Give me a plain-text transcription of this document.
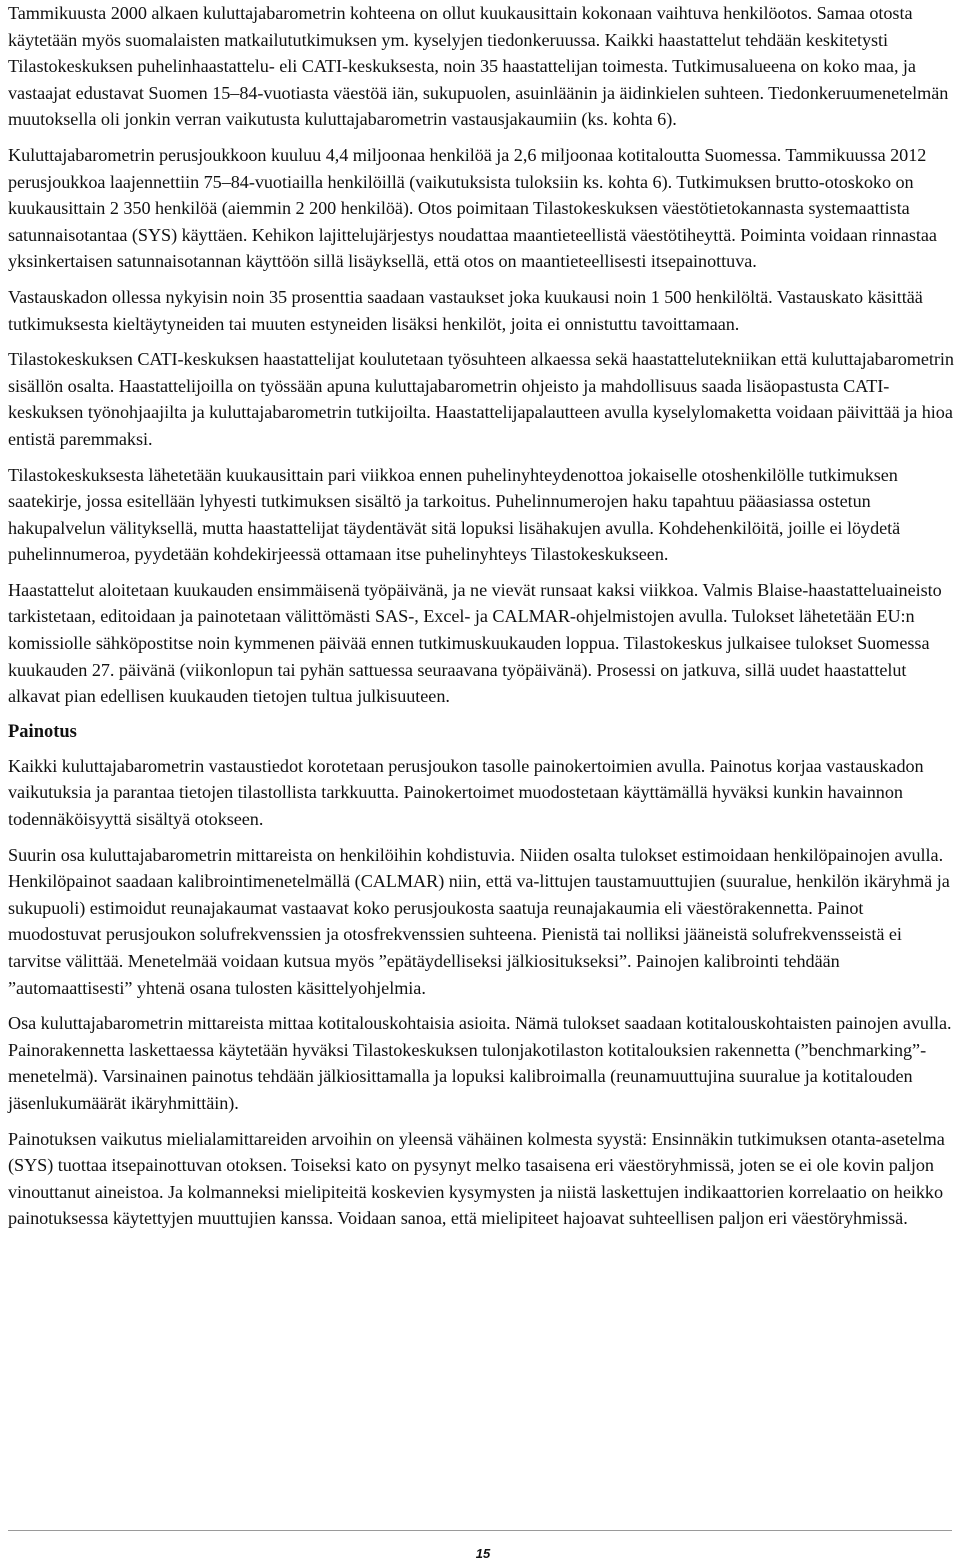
Tammikuusta 2000 alkaen kuluttajabarometrin kohteena on ollut kuukausittain kokonaan vaihtuva henkilöotos. Samaa otosta käytetään myös suomalaisten matkailututkimuksen ym. kyselyjen tiedonkeruussa. Kaikki haastattelut tehdään keskitetysti Tilastokeskuksen puhelinhaastattelu- eli CATI-keskuksesta, noin 35 haastattelijan toimesta. Tutkimusalueena on koko maa, ja vastaajat edustavat Suomen 15–84-vuotiasta väestöä iän, sukupuolen, asuinläänin ja äidinkielen suhteen. Tiedonkeruumenetelmän muutoksella oli jonkin verran vaikutusta kuluttajabarometrin vastausjakaumiin (ks. kohta 6).

Kuluttajabarometrin perusjoukkoon kuuluu 4,4 miljoonaa henkilöä ja 2,6 miljoonaa kotitaloutta Suomessa. Tammikuussa 2012 perusjoukkoa laajennettiin 75–84-vuotiailla henkilöillä (vaikutuksista tuloksiin ks. kohta 6). Tutkimuksen brutto-otoskoko on kuukausittain 2 350 henkilöä (aiemmin 2 200 henkilöä). Otos poimitaan Tilastokeskuksen väestötietokannasta systemaattista satunnaisotantaa (SYS) käyttäen. Kehikon lajittelujärjestys noudattaa maantieteellistä väestötiheyttä. Poiminta voidaan rinnastaa yksinkertaisen satunnaisotannan käyttöön sillä lisäyksellä, että otos on maantieteellisesti itsepainottuva.

Vastauskadon ollessa nykyisin noin 35 prosenttia saadaan vastaukset joka kuukausi noin 1 500 henkilöltä. Vastauskato käsittää tutkimuksesta kieltäytyneiden tai muuten estyneiden lisäksi henkilöt, joita ei onnistuttu tavoittamaan.

Tilastokeskuksen CATI-keskuksen haastattelijat koulutetaan työsuhteen alkaessa sekä haastattelutekniikan että kuluttajabarometrin sisällön osalta. Haastattelijoilla on työssään apuna kuluttajabarometrin ohjeisto ja mahdollisuus saada lisäopastusta CATI-keskuksen työnohjaajilta ja kuluttajabarometrin tutkijoilta. Haastattelijapalautteen avulla kyselylomaketta voidaan päivittää ja hioa entistä paremmaksi.

Tilastokeskuksesta lähetetään kuukausittain pari viikkoa ennen puhelinyhteydenottoa jokaiselle otoshenkilölle tutkimuksen saatekirje, jossa esitellään lyhyesti tutkimuksen sisältö ja tarkoitus. Puhelinnumerojen haku tapahtuu pääasiassa ostetun hakupalvelun välityksellä, mutta haastattelijat täydentävät sitä lopuksi lisähakujen avulla. Kohdehenkilöitä, joille ei löydetä puhelinnumeroa, pyydetään kohdekirjeessä ottamaan itse puhelinyhteys Tilastokeskukseen.

Haastattelut aloitetaan kuukauden ensimmäisenä työpäivänä, ja ne vievät runsaat kaksi viikkoa. Valmis Blaise-haastatteluaineisto tarkistetaan, editoidaan ja painotetaan välittömästi SAS-, Excel- ja CALMAR-ohjelmistojen avulla. Tulokset lähetetään EU:n komissiolle sähköpostitse noin kymmenen päivää ennen tutkimuskuukauden loppua. Tilastokeskus julkaisee tulokset Suomessa kuukauden 27. päivänä (viikonlopun tai pyhän sattuessa seuraavana työpäivänä). Prosessi on jatkuva, sillä uudet haastattelut alkavat pian edellisen kuukauden tietojen tultua julkisuuteen.

Painotus

Kaikki kuluttajabarometrin vastaustiedot korotetaan perusjoukon tasolle painokertoimien avulla. Painotus korjaa vastauskadon vaikutuksia ja parantaa tietojen tilastollista tarkkuutta. Painokertoimet muodostetaan käyttämällä hyväksi kunkin havainnon todennäköisyyttä sisältyä otokseen.

Suurin osa kuluttajabarometrin mittareista on henkilöihin kohdistuvia. Niiden osalta tulokset estimoidaan henkilöpainojen avulla. Henkilöpainot saadaan kalibrointimenetelmällä (CALMAR) niin, että va-littujen taustamuuttujien (suuralue, henkilön ikäryhmä ja sukupuoli) estimoidut reunajakaumat vastaavat koko perusjoukosta saatuja reunajakaumia eli väestörakennetta. Painot muodostuvat perusjoukon solufrekvenssien ja otosfrekvenssien suhteena. Pienistä tai nolliksi jääneistä solufrekvensseistä ei tarvitse välittää. Menetelmää voidaan kutsua myös ”epätäydelliseksi jälkiositukseksi”. Painojen kalibrointi tehdään ”automaattisesti” yhtenä osana tulosten käsittelyohjelmia.

Osa kuluttajabarometrin mittareista mittaa kotitalouskohtaisia asioita. Nämä tulokset saadaan kotitalouskohtaisten painojen avulla. Painorakennetta laskettaessa käytetään hyväksi Tilastokeskuksen tulonjakotilaston kotitalouksien rakennetta (”benchmarking”-menetelmä). Varsinainen painotus tehdään jälkiosittamalla ja lopuksi kalibroimalla (reunamuuttujina suuralue ja kotitalouden jäsenlukumäärät ikäryhmittäin).

Painotuksen vaikutus mielialamittareiden arvoihin on yleensä vähäinen kolmesta syystä: Ensinnäkin tutkimuksen otanta-asetelma (SYS) tuottaa itsepainottuvan otoksen. Toiseksi kato on pysynyt melko tasaisena eri väestöryhmissä, joten se ei ole kovin paljon vinouttanut aineistoa. Ja kolmanneksi mielipiteitä koskevien kysymysten ja niistä laskettujen indikaattorien korrelaatio on heikko painotuksessa käytettyjen muuttujien kanssa. Voidaan sanoa, että mielipiteet hajoavat suhteellisen paljon eri väestöryhmissä.

15
